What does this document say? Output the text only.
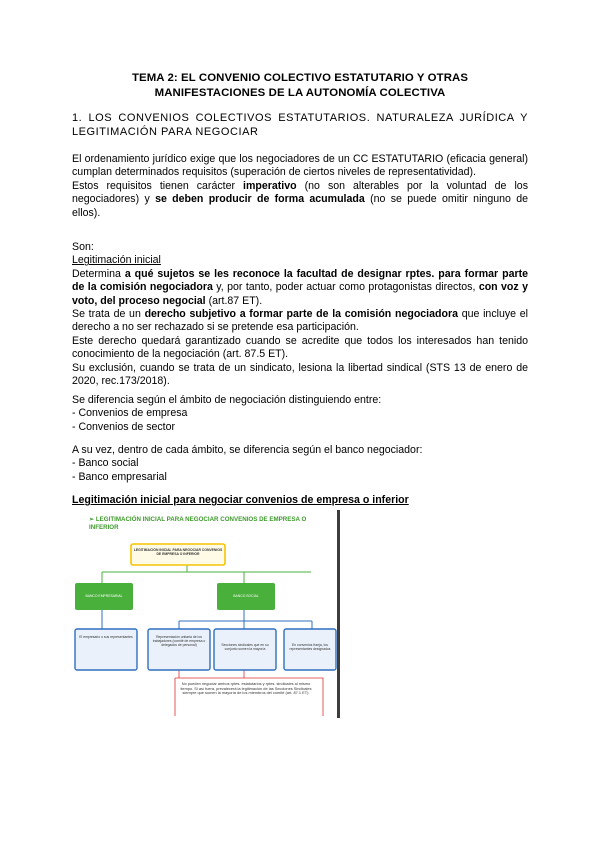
TEMA 2: EL CONVENIO COLECTIVO ESTATUTARIO Y OTRAS
MANIFESTACIONES DE LA AUTONOMÍA COLECTIVA
1. LOS CONVENIOS COLECTIVOS ESTATUTARIOS. NATURALEZA JURÍDICA Y LEGITIMACIÓN PARA NEGOCIAR

El ordenamiento jurídico exige que los negociadores de un CC ESTATUTARIO (eficacia general) cumplan determinados requisitos (superación de ciertos niveles de representatividad).

Estos requisitos tienen carácter imperativo (no son alterables por la voluntad de los negociadores) y se deben producir de forma acumulada (no se puede omitir ninguno de ellos).

Son:

Legitimación inicial

Determina a qué sujetos se les reconoce la facultad de designar rptes. para formar parte de la comisión negociadora y, por tanto, poder actuar como protagonistas directos, con voz y voto, del proceso negocial (art.87 ET).

Se trata de un derecho subjetivo a formar parte de la comisión negociadora que incluye el derecho a no ser rechazado si se pretende esa participación.

Este derecho quedará garantizado cuando se acredite que todos los interesados han tenido conocimiento de la negociación (art. 87.5 ET).

Su exclusión, cuando se trata de un sindicato, lesiona la libertad sindical (STS 13 de enero de 2020, rec.173/2018).

Se diferencia según el ámbito de negociación distinguiendo entre:

- Convenios de empresa

- Convenios de sector

A su vez, dentro de cada ámbito, se diferencia según el banco negociador:

- Banco social

- Banco empresarial

Legitimación inicial para negociar convenios de empresa o inferior
➢ LEGITIMACIÓN INICIAL PARA NEGOCIAR CONVENIOS DE EMPRESA O INFERIOR
LEGITIMACIÓN INICIAL PARA NEGOCIAR CONVENIOS DE EMPRESA O INFERIOR
BANCO EMPRESARIAL	BANCO SOCIAL
El empresario o sus representantes	Representación unitaria de los trabajadores (comité de empresa o delegados de personal)	Secciones sindicales que en su conjunto sumen la mayoría
En convenios franja, los representantes designados
No pueden negociar ambos rptes. estatutarios y rptes. sindicales al mismo tiempo. Si así fuera, prevalecerá la legitimación de las Secciones Sindicales siempre que sumen la mayoría de los miembros del comité (art. 87.1 ET).
